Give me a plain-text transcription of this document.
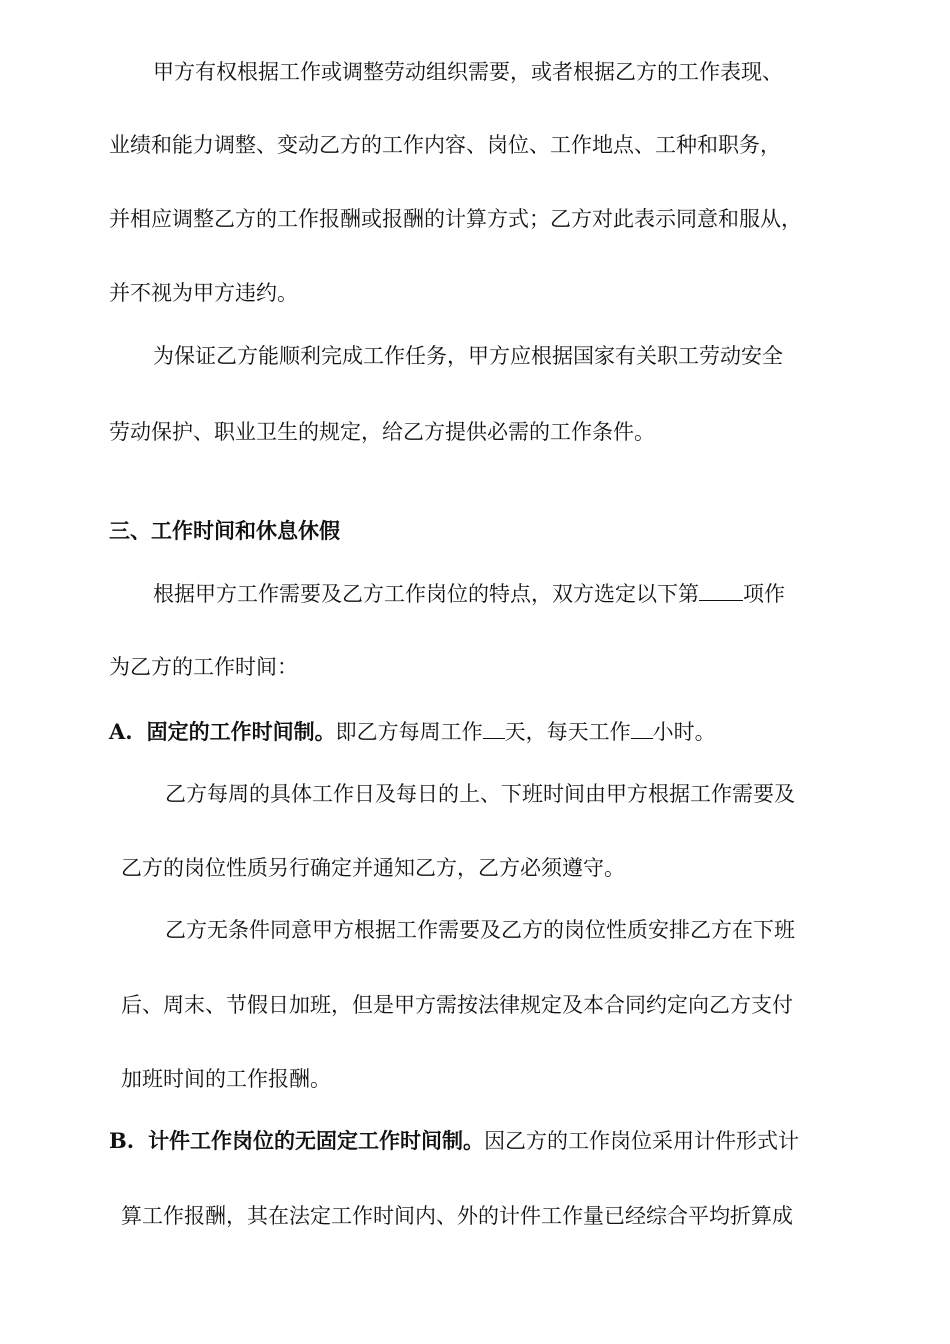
甲方有权根据工作或调整劳动组织需要，或者根据乙方的工作表现、
业绩和能力调整、变动乙方的工作内容、岗位、工作地点、工种和职务，
并相应调整乙方的工作报酬或报酬的计算方式；乙方对此表示同意和服从，
并不视为甲方违约。
为保证乙方能顺利完成工作任务，甲方应根据国家有关职工劳动安全
劳动保护、职业卫生的规定，给乙方提供必需的工作条件。
三、工作时间和休息休假
根据甲方工作需要及乙方工作岗位的特点，双方选定以下第 项作
为乙方的工作时间：
A. 固定的工作时间制。即乙方每周工作 天，每天工作 小时。
乙方每周的具体工作日及每日的上、下班时间由甲方根据工作需要及
乙方的岗位性质另行确定并通知乙方，乙方必须遵守。
乙方无条件同意甲方根据工作需要及乙方的岗位性质安排乙方在下班
后、周末、节假日加班，但是甲方需按法律规定及本合同约定向乙方支付
加班时间的工作报酬。
B. 计件工作岗位的无固定工作时间制。因乙方的工作岗位采用计件形式计
算工作报酬，其在法定工作时间内、外的计件工作量已经综合平均折算成
